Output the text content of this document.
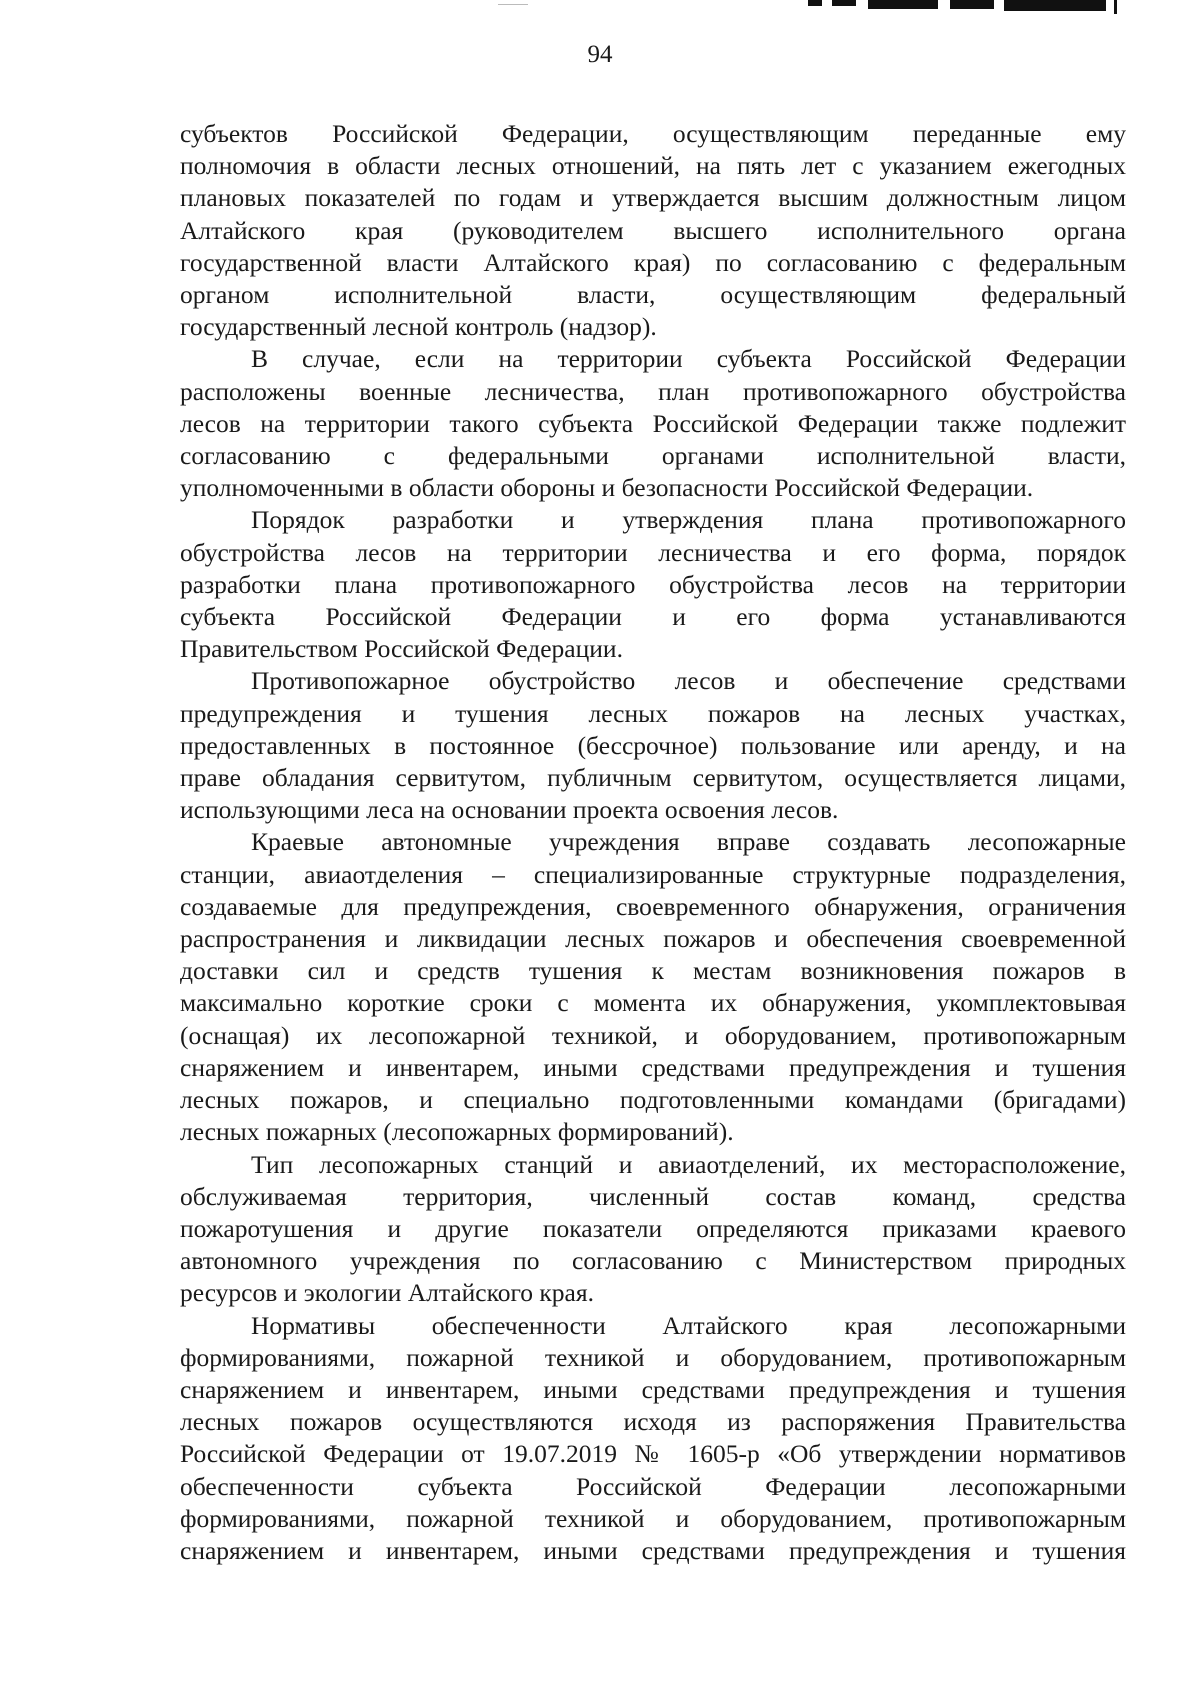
94

субъектов Российской Федерации, осуществляющим переданные ему

полномочия в области лесных отношений, на пять лет с указанием ежегодных

плановых показателей по годам и утверждается высшим должностным лицом

Алтайского края (руководителем высшего исполнительного органа

государственной власти Алтайского края) по согласованию с федеральным

органом исполнительной власти, осуществляющим федеральный

государственный лесной контроль (надзор).

В случае, если на территории субъекта Российской Федерации

расположены военные лесничества, план противопожарного обустройства

лесов на территории такого субъекта Российской Федерации также подлежит

согласованию с федеральными органами исполнительной власти,

уполномоченными в области обороны и безопасности Российской Федерации.

Порядок разработки и утверждения плана противопожарного

обустройства лесов на территории лесничества и его форма, порядок

разработки плана противопожарного обустройства лесов на территории

субъекта Российской Федерации и его форма устанавливаются

Правительством Российской Федерации.

Противопожарное обустройство лесов и обеспечение средствами

предупреждения и тушения лесных пожаров на лесных участках,

предоставленных в постоянное (бессрочное) пользование или аренду, и на

праве обладания сервитутом, публичным сервитутом, осуществляется лицами,

использующими леса на основании проекта освоения лесов.

Краевые автономные учреждения вправе создавать лесопожарные

станции, авиаотделения – специализированные структурные подразделения,

создаваемые для предупреждения, своевременного обнаружения, ограничения

распространения и ликвидации лесных пожаров и обеспечения своевременной

доставки сил и средств тушения к местам возникновения пожаров в

максимально короткие сроки с момента их обнаружения, укомплектовывая

(оснащая) их лесопожарной техникой, и оборудованием, противопожарным

снаряжением и инвентарем, иными средствами предупреждения и тушения

лесных пожаров, и специально подготовленными командами (бригадами)

лесных пожарных (лесопожарных формирований).

Тип лесопожарных станций и авиаотделений, их месторасположение,

обслуживаемая территория, численный состав команд, средства

пожаротушения и другие показатели определяются приказами краевого

автономного учреждения по согласованию с Министерством природных

ресурсов и экологии Алтайского края.

Нормативы обеспеченности Алтайского края лесопожарными

формированиями, пожарной техникой и оборудованием, противопожарным

снаряжением и инвентарем, иными средствами предупреждения и тушения

лесных пожаров осуществляются исходя из распоряжения Правительства

Российской Федерации от 19.07.2019 № 1605-р «Об утверждении нормативов

обеспеченности субъекта Российской Федерации лесопожарными

формированиями, пожарной техникой и оборудованием, противопожарным

снаряжением и инвентарем, иными средствами предупреждения и тушения
